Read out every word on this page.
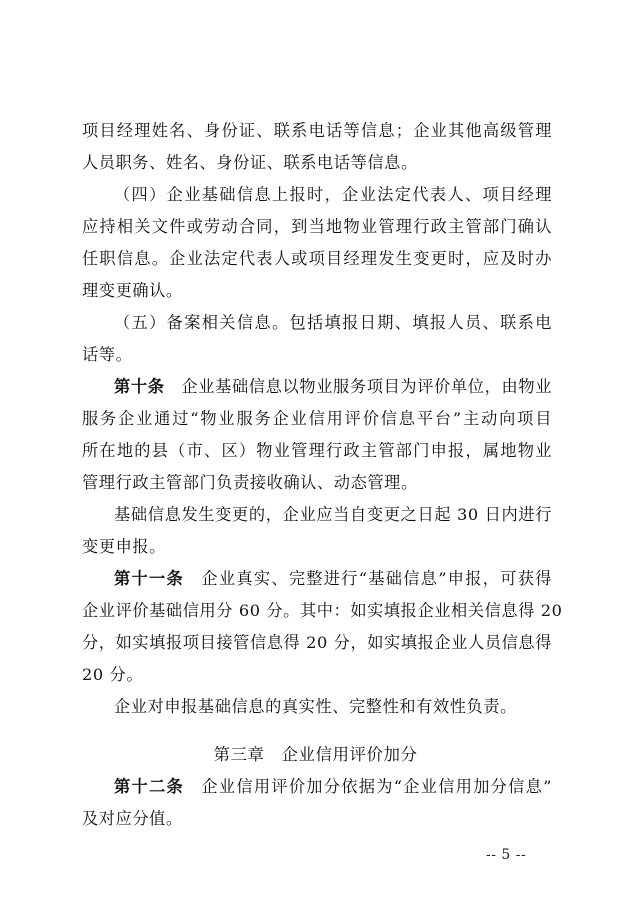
项目经理姓名、身份证、联系电话等信息；企业其他高级管理
人员职务、姓名、身份证、联系电话等信息。
（四）企业基础信息上报时，企业法定代表人、项目经理
应持相关文件或劳动合同，到当地物业管理行政主管部门确认
任职信息。企业法定代表人或项目经理发生变更时，应及时办
理变更确认。
（五）备案相关信息。包括填报日期、填报人员、联系电
话等。
第十条　 企业基础信息以物业服务项目为评价单位，由物业
服务企业通过“物业服务企业信用评价信息平台”主动向项目
所在地的县（市、区）物业管理行政主管部门申报，属地物业
管理行政主管部门负责接收确认、动态管理。
基础信息发生变更的，企业应当自变更之日起 30 日内进行
变更申报。
第十一条　 企业真实、完整进行“基础信息”申报，可获得
企业评价基础信用分 60 分。其中：如实填报企业相关信息得 20
分，如实填报项目接管信息得 20 分，如实填报企业人员信息得
20 分。
企业对申报基础信息的真实性、完整性和有效性负责。
第三章　企业信用评价加分
第十二条　 企业信用评价加分依据为“企业信用加分信息”
及对应分值。
-- 5 --
